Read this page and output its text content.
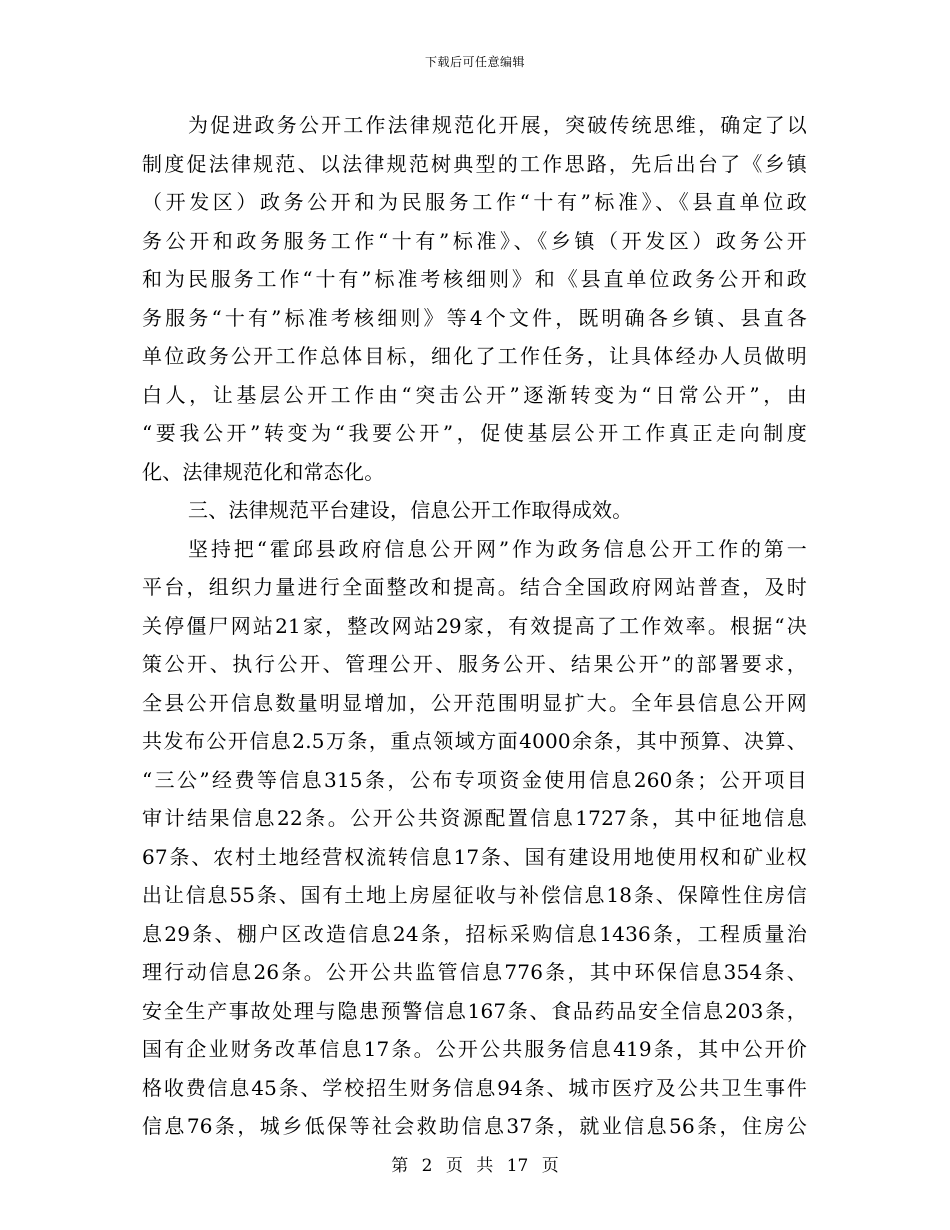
下载后可任意编辑
为促进政务公开工作法律规范化开展，突破传统思维，确定了以
制度促法律规范、以法律规范树典型的工作思路，先后出台了《乡镇
（开发区）政务公开和为民服务工作“十有”标准》、《县直单位政
务公开和政务服务工作“十有”标准》、《乡镇（开发区）政务公开
和为民服务工作“十有”标准考核细则》和《县直单位政务公开和政
务服务“十有”标准考核细则》等4个文件，既明确各乡镇、县直各
单位政务公开工作总体目标，细化了工作任务，让具体经办人员做明
白人，让基层公开工作由“突击公开”逐渐转变为“日常公开”，由
“要我公开”转变为“我要公开”，促使基层公开工作真正走向制度
化、法律规范化和常态化。
三、法律规范平台建设，信息公开工作取得成效。
坚持把“霍邱县政府信息公开网”作为政务信息公开工作的第一
平台，组织力量进行全面整改和提高。结合全国政府网站普查，及时
关停僵尸网站21家，整改网站29家，有效提高了工作效率。根据“决
策公开、执行公开、管理公开、服务公开、结果公开”的部署要求，
全县公开信息数量明显增加，公开范围明显扩大。全年县信息公开网
共发布公开信息2.5万条，重点领域方面4000余条，其中预算、决算、
“三公”经费等信息315条，公布专项资金使用信息260条；公开项目
审计结果信息22条。公开公共资源配置信息1727条，其中征地信息
67条、农村土地经营权流转信息17条、国有建设用地使用权和矿业权
出让信息55条、国有土地上房屋征收与补偿信息18条、保障性住房信
息29条、棚户区改造信息24条，招标采购信息1436条，工程质量治
理行动信息26条。公开公共监管信息776条，其中环保信息354条、
安全生产事故处理与隐患预警信息167条、食品药品安全信息203条，
国有企业财务改革信息17条。公开公共服务信息419条，其中公开价
格收费信息45条、学校招生财务信息94条、城市医疗及公共卫生事件
信息76条，城乡低保等社会救助信息37条，就业信息56条，住房公
第 2 页 共 17 页
